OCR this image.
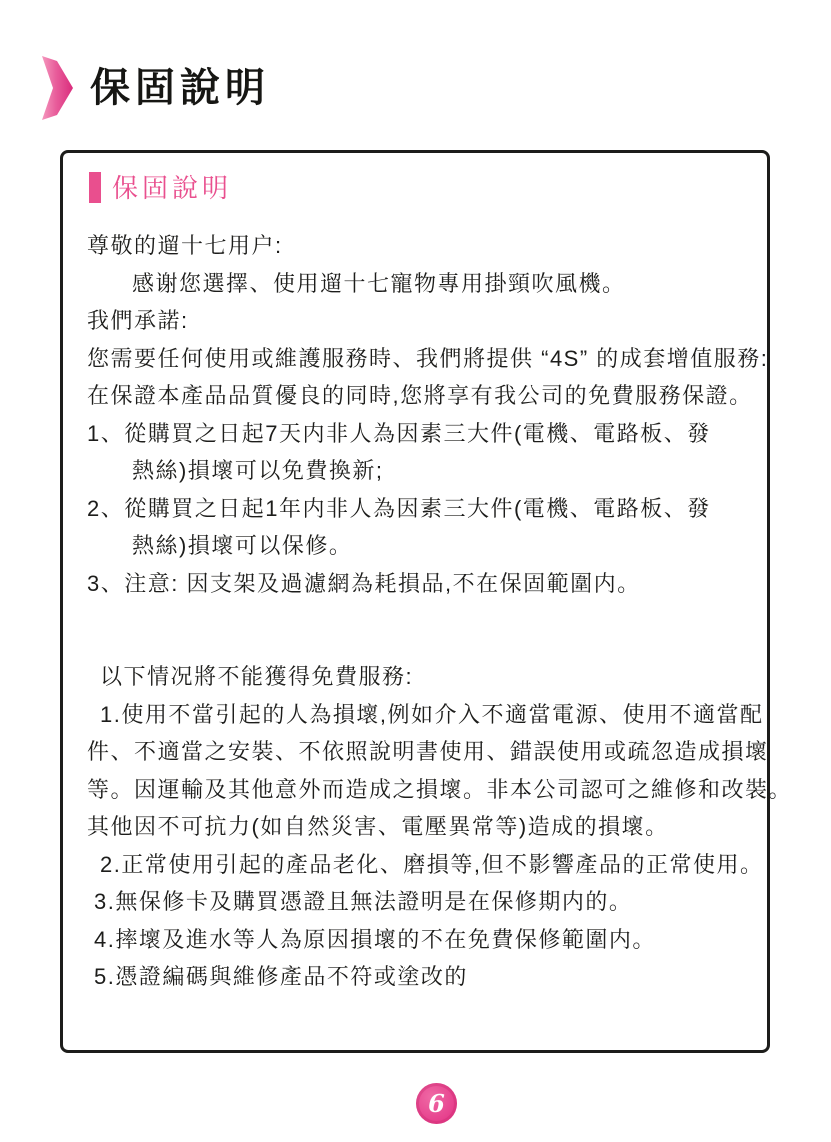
保固說明
保固說明
尊敬的遛十七用户:
感谢您選擇、使用遛十七寵物專用掛頸吹風機。
我們承諾:
您需要任何使用或維護服務時、我們將提供 “4S” 的成套增值服務:
在保證本產品品質優良的同時,您將享有我公司的免費服務保證。
1、從購買之日起7天内非人為因素三大件(電機、電路板、發
熱絲)損壞可以免費換新;
2、從購買之日起1年内非人為因素三大件(電機、電路板、發
熱絲)損壞可以保修。
3、注意: 因支架及過濾網為耗損品,不在保固範圍内。
以下情况將不能獲得免費服務:
1.使用不當引起的人為損壞,例如介入不適當電源、使用不適當配
件、不適當之安裝、不依照說明書使用、錯誤使用或疏忽造成損壞
等。因運輸及其他意外而造成之損壞。非本公司認可之維修和改裝。
其他因不可抗力(如自然災害、電壓異常等)造成的損壞。
2.正常使用引起的產品老化、磨損等,但不影響產品的正常使用。
3.無保修卡及購買憑證且無法證明是在保修期内的。
4.摔壞及進水等人為原因損壞的不在免費保修範圍内。
5.憑證編碼與維修產品不符或塗改的
6
